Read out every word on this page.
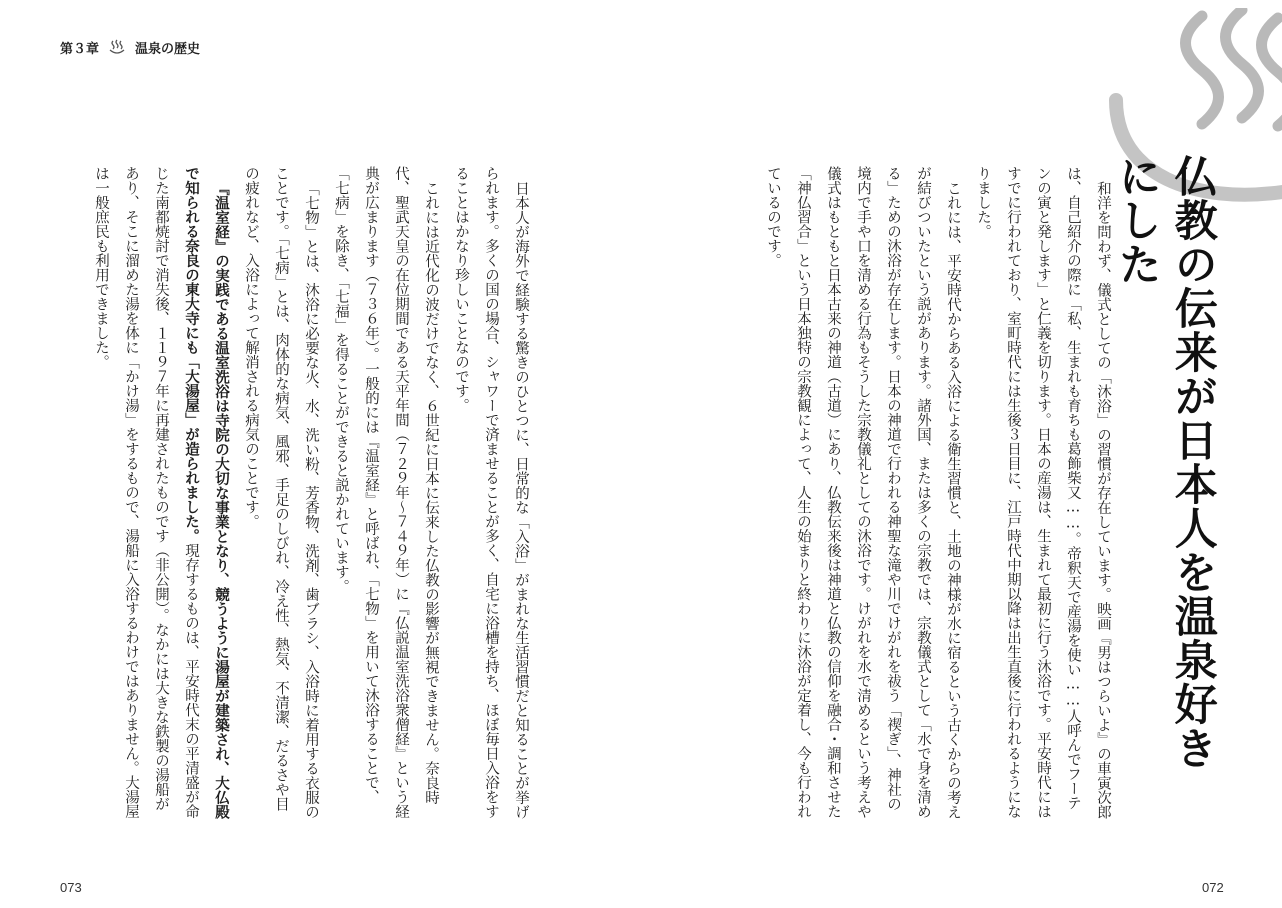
第３章	温泉の歴史
仏教の伝来が日本人を温泉好きにした

和洋を問わず、儀式としての「沐浴」の習慣が存在しています。映画『男はつらいよ』の車寅次郎は、自己紹介の際に「私、生まれも育ちも葛飾柴又……。帝釈天で産湯を使い……人呼んでフーテンの寅と発します」と仁義を切ります。日本の産湯は、生まれて最初に行う沐浴です。平安時代にはすでに行われており、室町時代には生後３日目に、江戸時代中期以降は出生直後に行われるようになりました。

これには、平安時代からある入浴による衛生習慣と、土地の神様が水に宿るという古くからの考えが結びついたという説があります。諸外国、または多くの宗教では、宗教儀式として「水で身を清める」ための沐浴が存在します。日本の神道で行われる神聖な滝や川でけがれを祓う「禊ぎ」、神社の境内で手や口を清める行為もそうした宗教儀礼としての沐浴です。けがれを水で清めるという考えや儀式はもともと日本古来の神道（古道）にあり、仏教伝来後は神道と仏教の信仰を融合・調和させた「神仏習合」という日本独特の宗教観によって、人生の始まりと終わりに沐浴が定着し、今も行われているのです。

日本人が海外で経験する驚きのひとつに、日常的な「入浴」がまれな生活習慣だと知ることが挙げられます。多くの国の場合、シャワーで済ませることが多く、自宅に浴槽を持ち、ほぼ毎日入浴をすることはかなり珍しいことなのです。

これには近代化の波だけでなく、６世紀に日本に伝来した仏教の影響が無視できません。奈良時代、聖武天皇の在位期間である天平年間（７２９年〜７４９年）に『仏説温室洗浴衆僧経』という経典が広まります（７３６年）。一般的には『温室経』と呼ばれ、「七物」を用いて沐浴することで、「七病」を除き、「七福」を得ることができると説かれています。

「七物」とは、沐浴に必要な火、水、洗い粉、芳香物、洗剤、歯ブラシ、入浴時に着用する衣服のことです。「七病」とは、肉体的な病気、風邪、手足のしびれ、冷え性、熱気、不清潔、だるさや目の疲れなど、入浴によって解消される病気のことです。

『温室経』の実践である温室洗浴は寺院の大切な事業となり、競うように湯屋が建築され、大仏殿で知られる奈良の東大寺にも「大湯屋」が造られました。現存するものは、平安時代末の平清盛が命じた南都焼討で消失後、１１９７年に再建されたものです（非公開）。なかには大きな鉄製の湯船があり、そこに溜めた湯を体に「かけ湯」をするもので、湯船に入浴するわけではありません。大湯屋は一般庶民も利用できました。

073	072
